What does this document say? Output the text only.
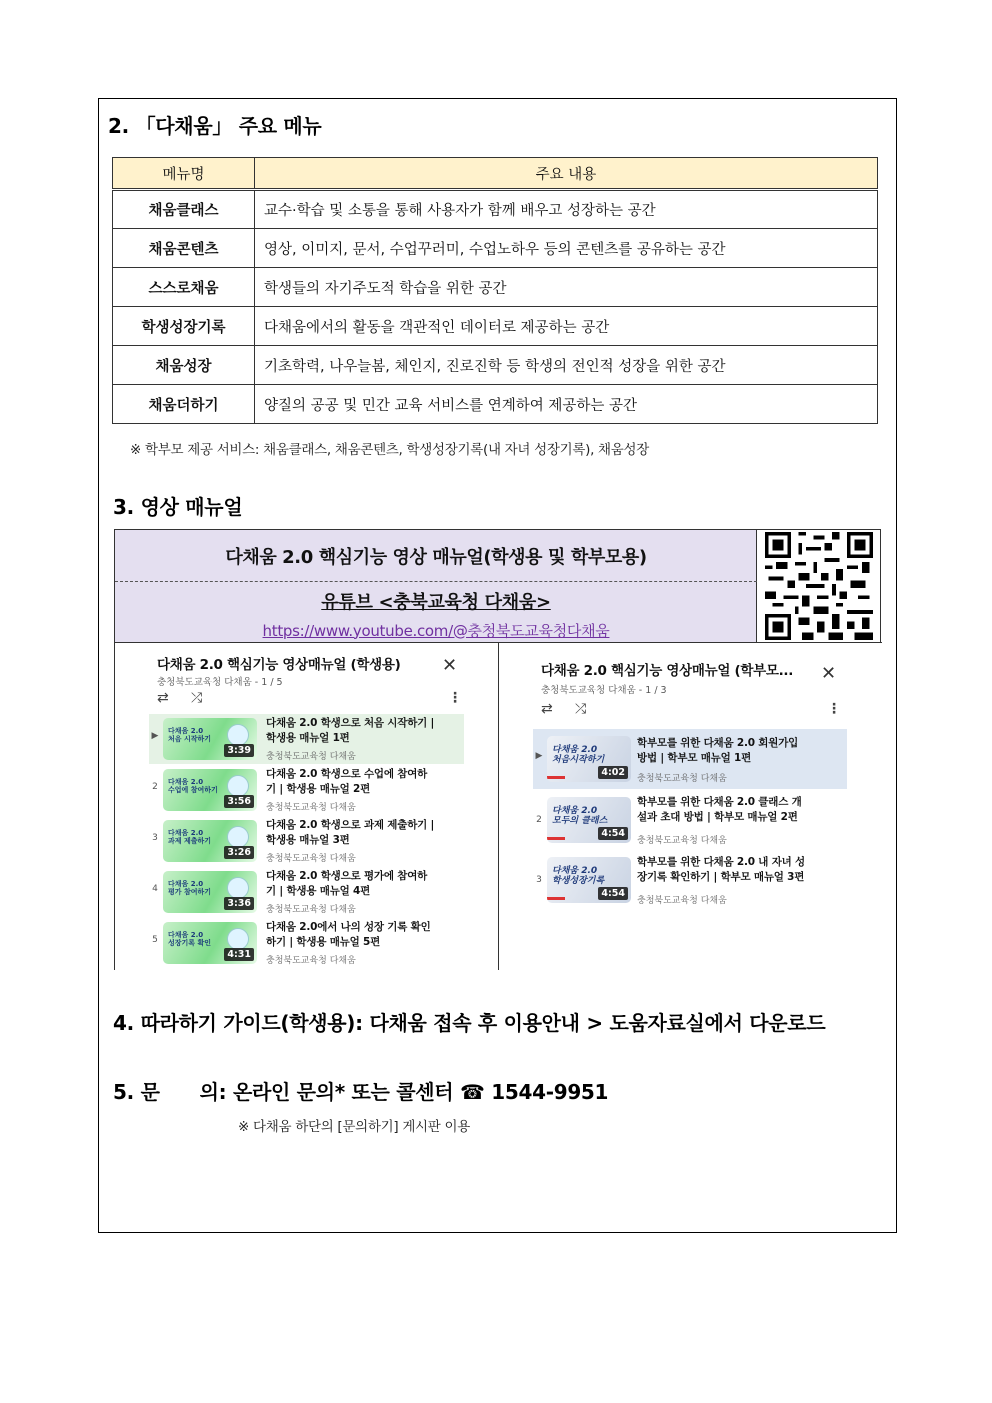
2. 「다채움」 주요 메뉴
메뉴명	주요 내용
채움클래스	교수·학습 및 소통을 통해 사용자가 함께 배우고 성장하는 공간
채움콘텐츠	영상, 이미지, 문서, 수업꾸러미, 수업노하우 등의 콘텐츠를 공유하는 공간
스스로채움	학생들의 자기주도적 학습을 위한 공간
학생성장기록	다채움에서의 활동을 객관적인 데이터로 제공하는 공간
채움성장	기초학력, 나우늘봄, 체인지, 진로진학 등 학생의 전인적 성장을 위한 공간
채움더하기	양질의 공공 및 민간 교육 서비스를 연계하여 제공하는 공간
※ 학부모 제공 서비스: 채움클래스, 채움콘텐츠, 학생성장기록(내 자녀 성장기록), 채움성장
3. 영상 매뉴얼
다채움 2.0 핵심기능 영상 매뉴얼(학생용 및 학부모용)
유튜브 <충북교육청 다채움>
https://www.youtube.com/@충청북도교육청다채움
다채움 2.0 핵심기능 영상매뉴얼 (학생용)
충청북도교육청 다채움 - 1 / 5
✕
⇄ ⤮	⋮
▶	다채움 2.0
처음 시작하기
3:39
다채움 2.0 학생으로 처음 시작하기 |
학생용 매뉴얼 1편
충청북도교육청 다채움
2	다채움 2.0
수업에 참여하기
3:56
다채움 2.0 학생으로 수업에 참여하
기 | 학생용 매뉴얼 2편
충청북도교육청 다채움
3	다채움 2.0
과제 제출하기
3:26
다채움 2.0 학생으로 과제 제출하기 |
학생용 매뉴얼 3편
충청북도교육청 다채움
4	다채움 2.0
평가 참여하기
3:36
다채움 2.0 학생으로 평가에 참여하
기 | 학생용 매뉴얼 4편
충청북도교육청 다채움
5	다채움 2.0
성장기록 확인
4:31
다채움 2.0에서 나의 성장 기록 확인
하기 | 학생용 매뉴얼 5편
충청북도교육청 다채움
다채움 2.0 핵심기능 영상매뉴얼 (학부모...
충청북도교육청 다채움 - 1 / 3
✕
⇄ ⤮	⋮
▶
다채움 2.0
처음시작하기
4:02
학부모를 위한 다채움 2.0 회원가입
방법 | 학부모 매뉴얼 1편
충청북도교육청 다채움
2
다채움 2.0
모두의 클래스
4:54
학부모를 위한 다채움 2.0 클래스 개
설과 초대 방법 | 학부모 매뉴얼 2편
충청북도교육청 다채움
3
다채움 2.0
학생성장기록
4:54
학부모를 위한 다채움 2.0 내 자녀 성
장기록 확인하기 | 학부모 매뉴얼 3편
충청북도교육청 다채움
4. 따라하기 가이드(학생용): 다채움 접속 후 이용안내 > 도움자료실에서 다운로드
5. 문      의: 온라인 문의* 또는 콜센터 ☎ 1544-9951
※ 다채움 하단의 [문의하기] 게시판 이용
